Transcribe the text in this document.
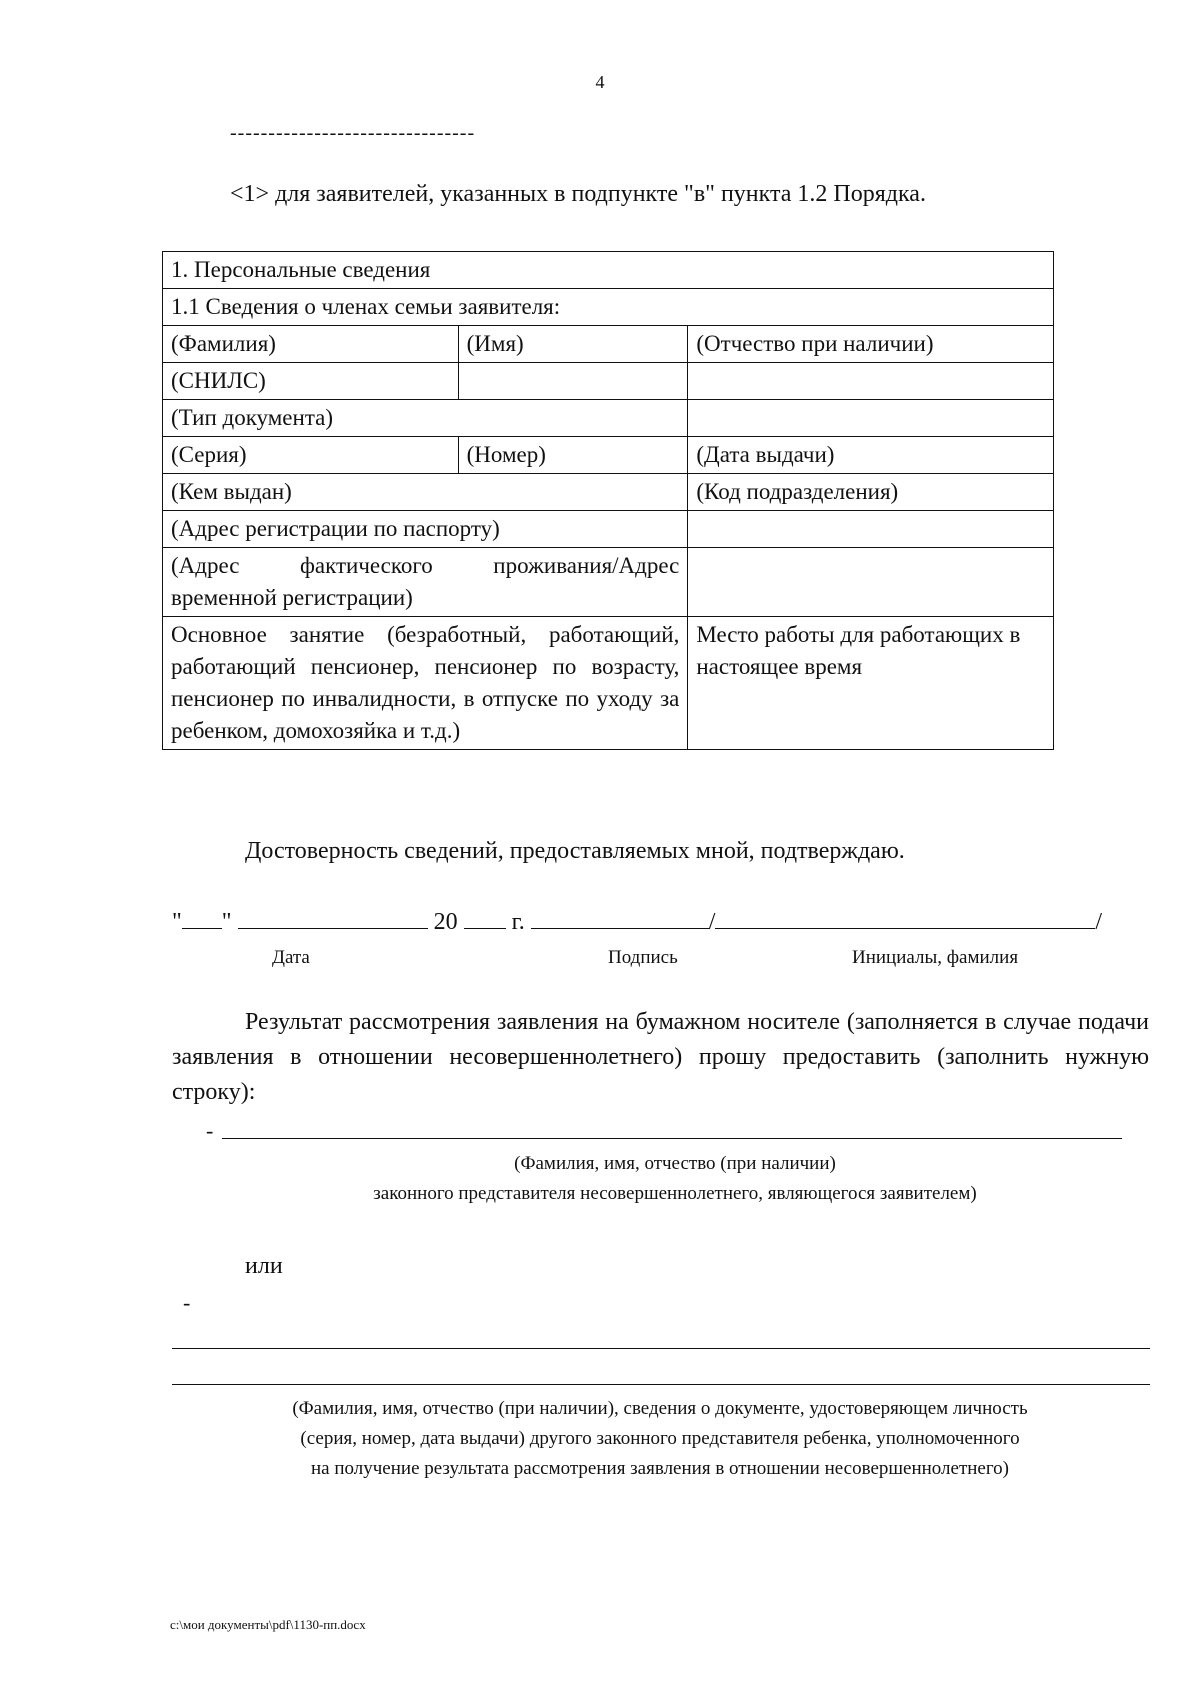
4
--------------------------------
<1> для заявителей, указанных в подпункте "в" пункта 1.2 Порядка.
1. Персональные сведения		
1.1 Сведения о членах семьи заявителя:		
(Фамилия)	(Имя)	(Отчество при наличии)
(СНИЛС)		
(Тип документа)		
(Серия)	(Номер)	(Дата выдачи)
(Кем выдан)		(Код подразделения)
(Адрес регистрации по паспорту)		
(Адрес фактического проживания/Адрес временной регистрации)		
Основное занятие (безработный, работающий, работающий пенсионер, пенсионер по возрасту, пенсионер по инвалидности, в отпуске по уходу за ребенком, домохозяйка и т.д.)		Место работы для работающих в настоящее время
Достоверность сведений, предоставляемых мной, подтверждаю.
" "	20 г.	/	/
Дата	Подпись	Инициалы, фамилия
Результат рассмотрения заявления на бумажном носителе (заполняется в случае подачи заявления в отношении несовершеннолетнего) прошу предоставить (заполнить нужную строку):
-
(Фамилия, имя, отчество (при наличии)
законного представителя несовершеннолетнего, являющегося заявителем)
или
-
(Фамилия, имя, отчество (при наличии), сведения о документе, удостоверяющем личность
(серия, номер, дата выдачи) другого законного представителя ребенка, уполномоченного
на получение результата рассмотрения заявления в отношении несовершеннолетнего)
c:\мои документы\pdf\1130-пп.docx
